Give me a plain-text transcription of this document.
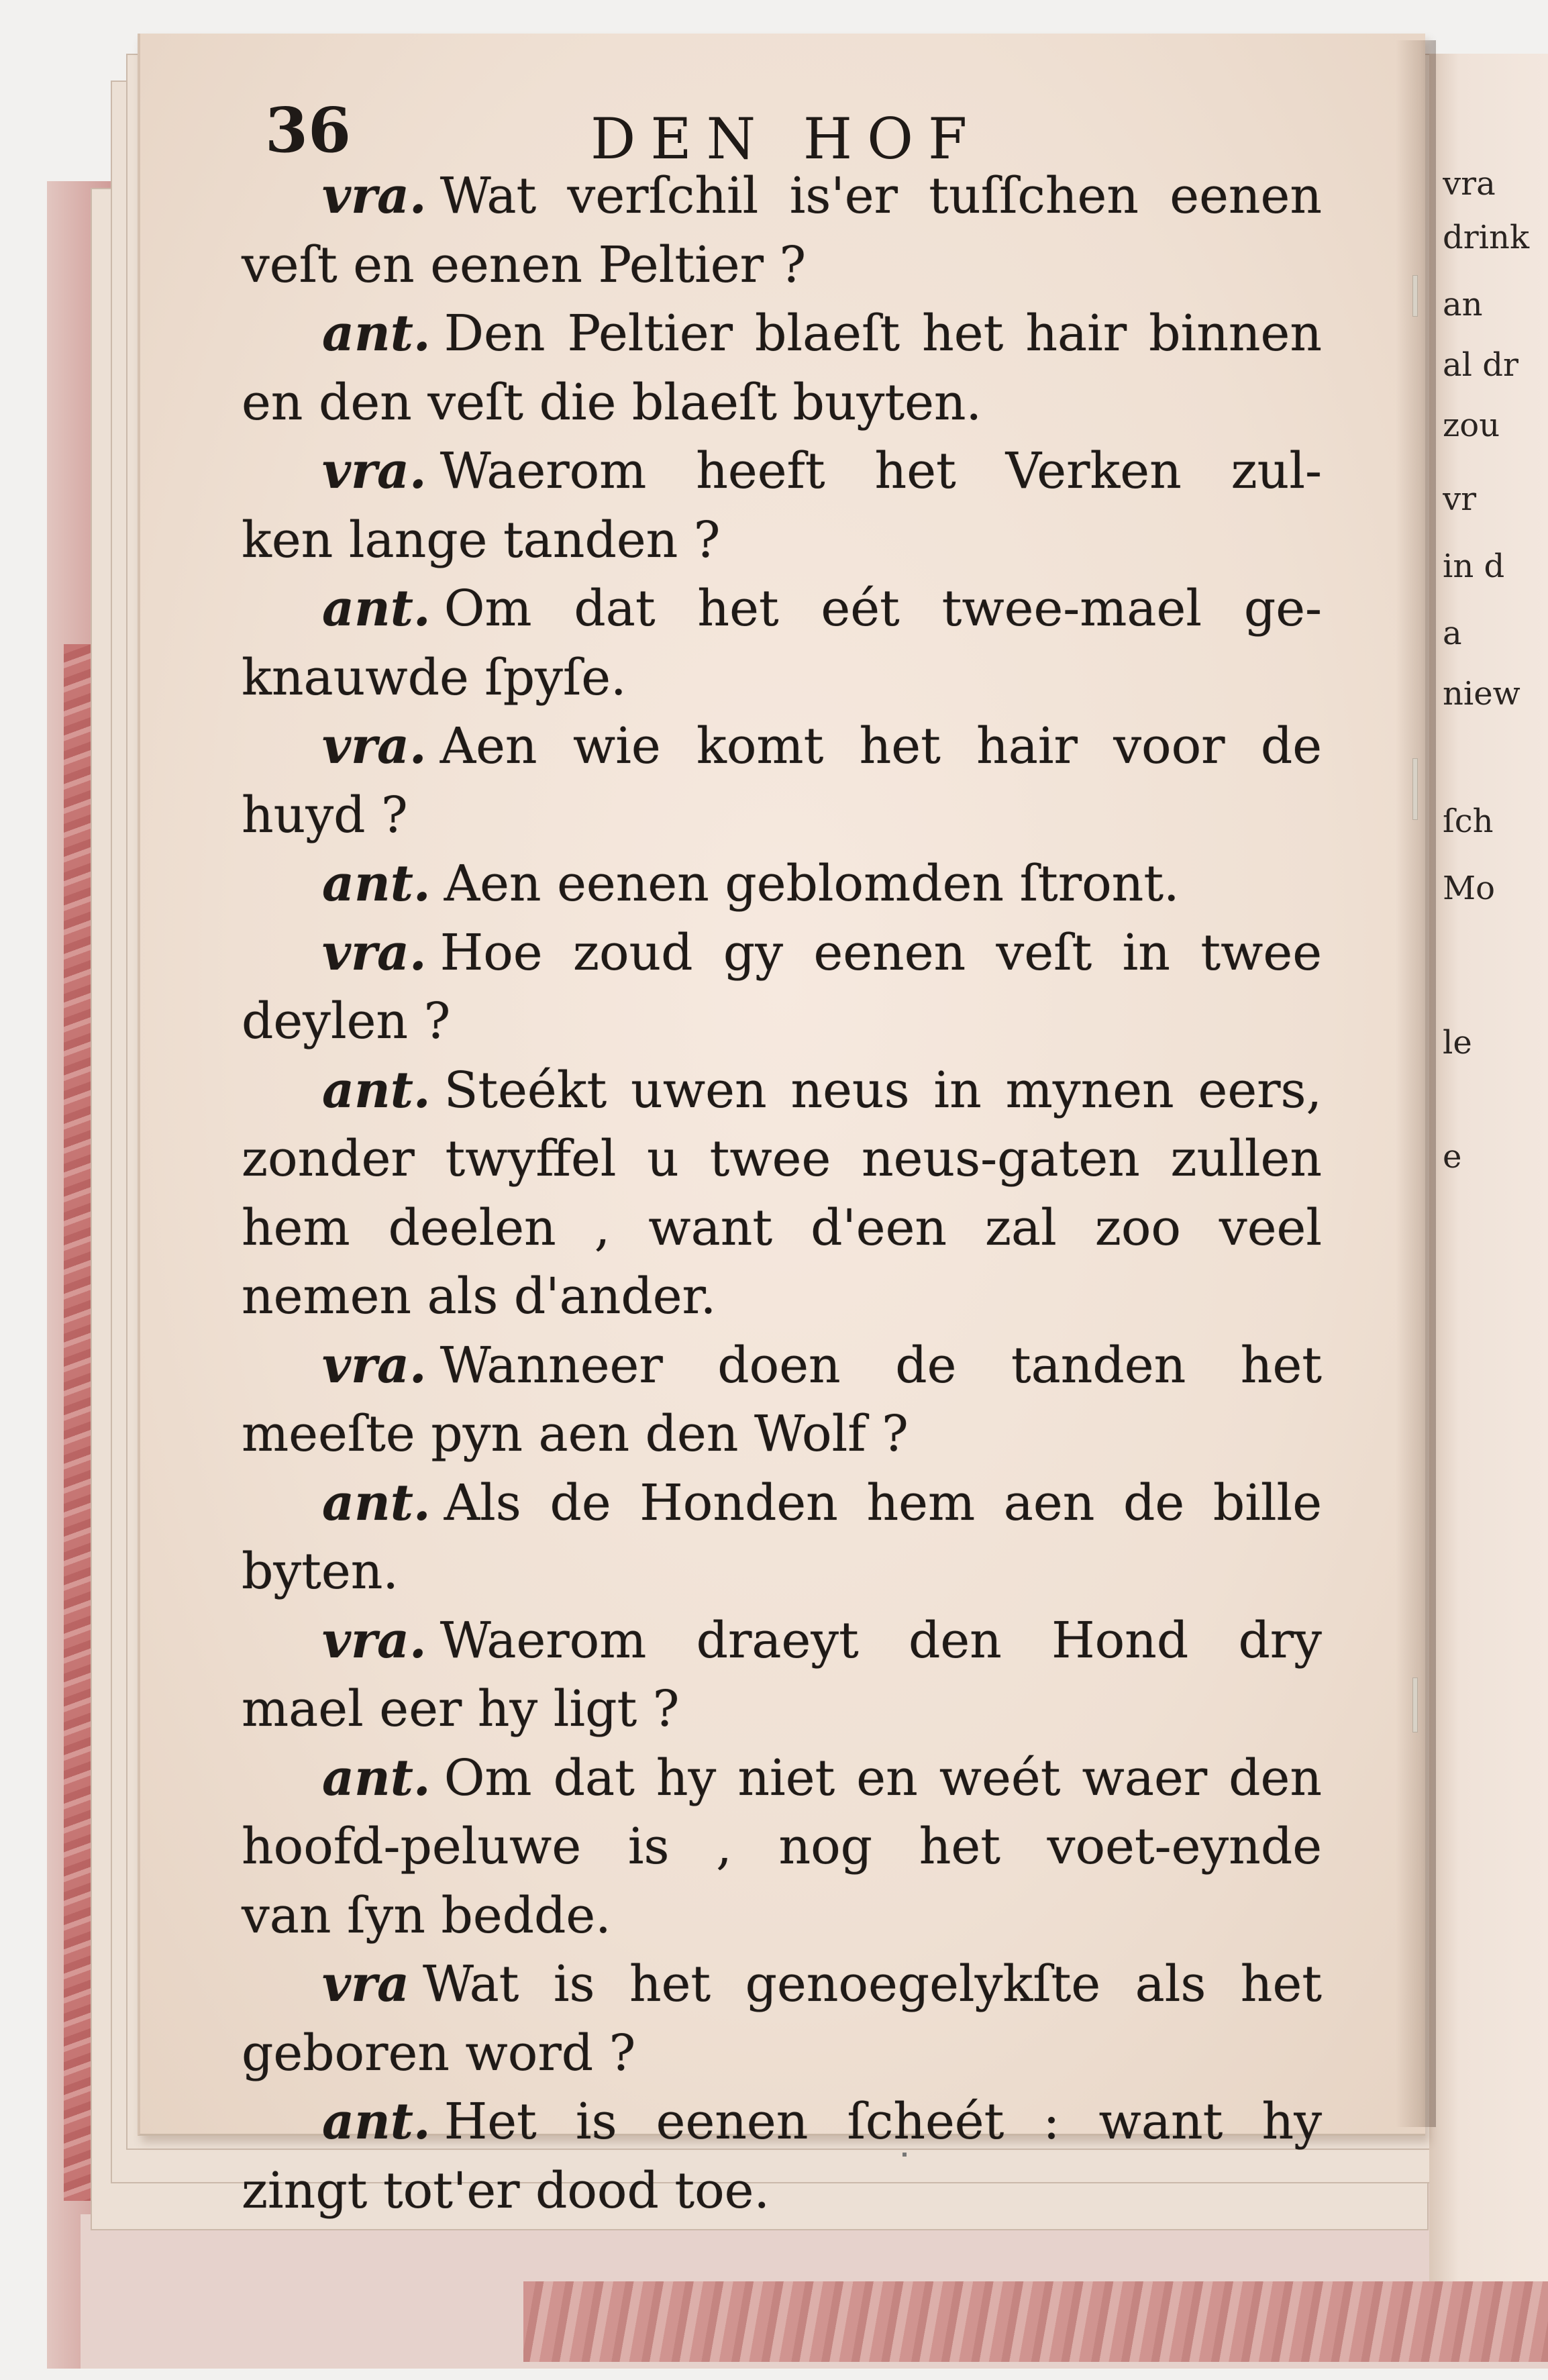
36	DEN HOF
vra. Wat verſchil is'er tuſſchen eenen
veſt en eenen Peltier ?
ant. Den Peltier blaeſt het hair binnen
en den veſt die blaeſt buyten.
vra. Waerom heeft het Verken zul-
ken lange tanden ?
ant. Om dat het eét twee-mael ge-
knauwde ſpyſe.
vra. Aen wie komt het hair voor de
huyd ?
ant. Aen eenen geblomden ſtront.
vra. Hoe zoud gy eenen veſt in twee
deylen ?
ant. Steékt uwen neus in mynen eers,
zonder twyffel u twee neus-gaten zullen
hem deelen , want d'een zal zoo veel
nemen als d'ander.
vra. Wanneer doen de tanden het
meeſte pyn aen den Wolf ?
ant. Als de Honden hem aen de bille
byten.
vra. Waerom draeyt den Hond dry
mael eer hy ligt ?
ant. Om dat hy niet en weét waer den
hoofd-peluwe is , nog het voet-eynde
van ſyn bedde.
vra Wat is het genoegelykſte als het
geboren word ?
ant. Het is eenen ſcheét : want hy
zingt tot'er dood toe.
vra
drink
an
al dr
zou
vr
in d
a
niew
ſch
Mo
le
e
